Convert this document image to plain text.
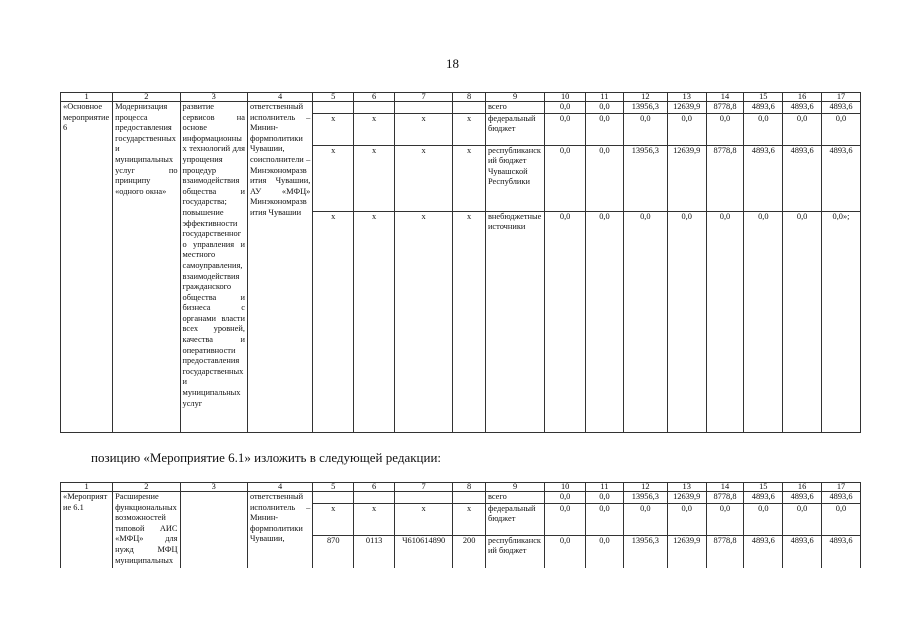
18
1	2	3	4	5	6	7	8	9	10	11	12	13	14	15	16	17
«Основное мероприятие 6	Модернизация процесса предоставления государственных и муниципальных услуг по принципу «одного окна»	развитие сервисов на основе информационных технологий для упрощения процедур взаимодействия общества и государства; повышение эффективности государственного управления и местного самоуправления, взаимодействия гражданского общества и бизнеса с органами власти всех уровней, качества и оперативности предоставления государственных и муниципальных услуг	ответственный исполнитель – Минин-формполитики Чувашии, соисполнители – Минэкономразвития Чувашии, АУ «МФЦ» Минэкономразвития Чувашии					всего	0,0	0,0	13956,3	12639,9	8778,8	4893,6	4893,6	4893,6
				х	х	х	х	федеральный бюджет	0,0	0,0	0,0	0,0	0,0	0,0	0,0	0,0
				х	х	х	х	республиканский бюджет Чувашской Республики	0,0	0,0	13956,3	12639,9	8778,8	4893,6	4893,6	4893,6
				х	х	х	х	внебюджетные источники	0,0	0,0	0,0	0,0	0,0	0,0	0,0	0,0»;
позицию «Мероприятие 6.1» изложить в следующей редакции:
1	2	3	4	5	6	7	8	9	10	11	12	13	14	15	16	17
«Мероприятие 6.1	Расширение функциональных возможностей типовой АИС «МФЦ» для нужд МФЦ муниципальных		ответственный исполнитель – Минин-формполитики Чувашии,					всего	0,0	0,0	13956,3	12639,9	8778,8	4893,6	4893,6	4893,6
				х	х	х	х	федеральный бюджет	0,0	0,0	0,0	0,0	0,0	0,0	0,0	0,0
				870	0113	Ч610614890	200	республиканский бюджет	0,0	0,0	13956,3	12639,9	8778,8	4893,6	4893,6	4893,6
